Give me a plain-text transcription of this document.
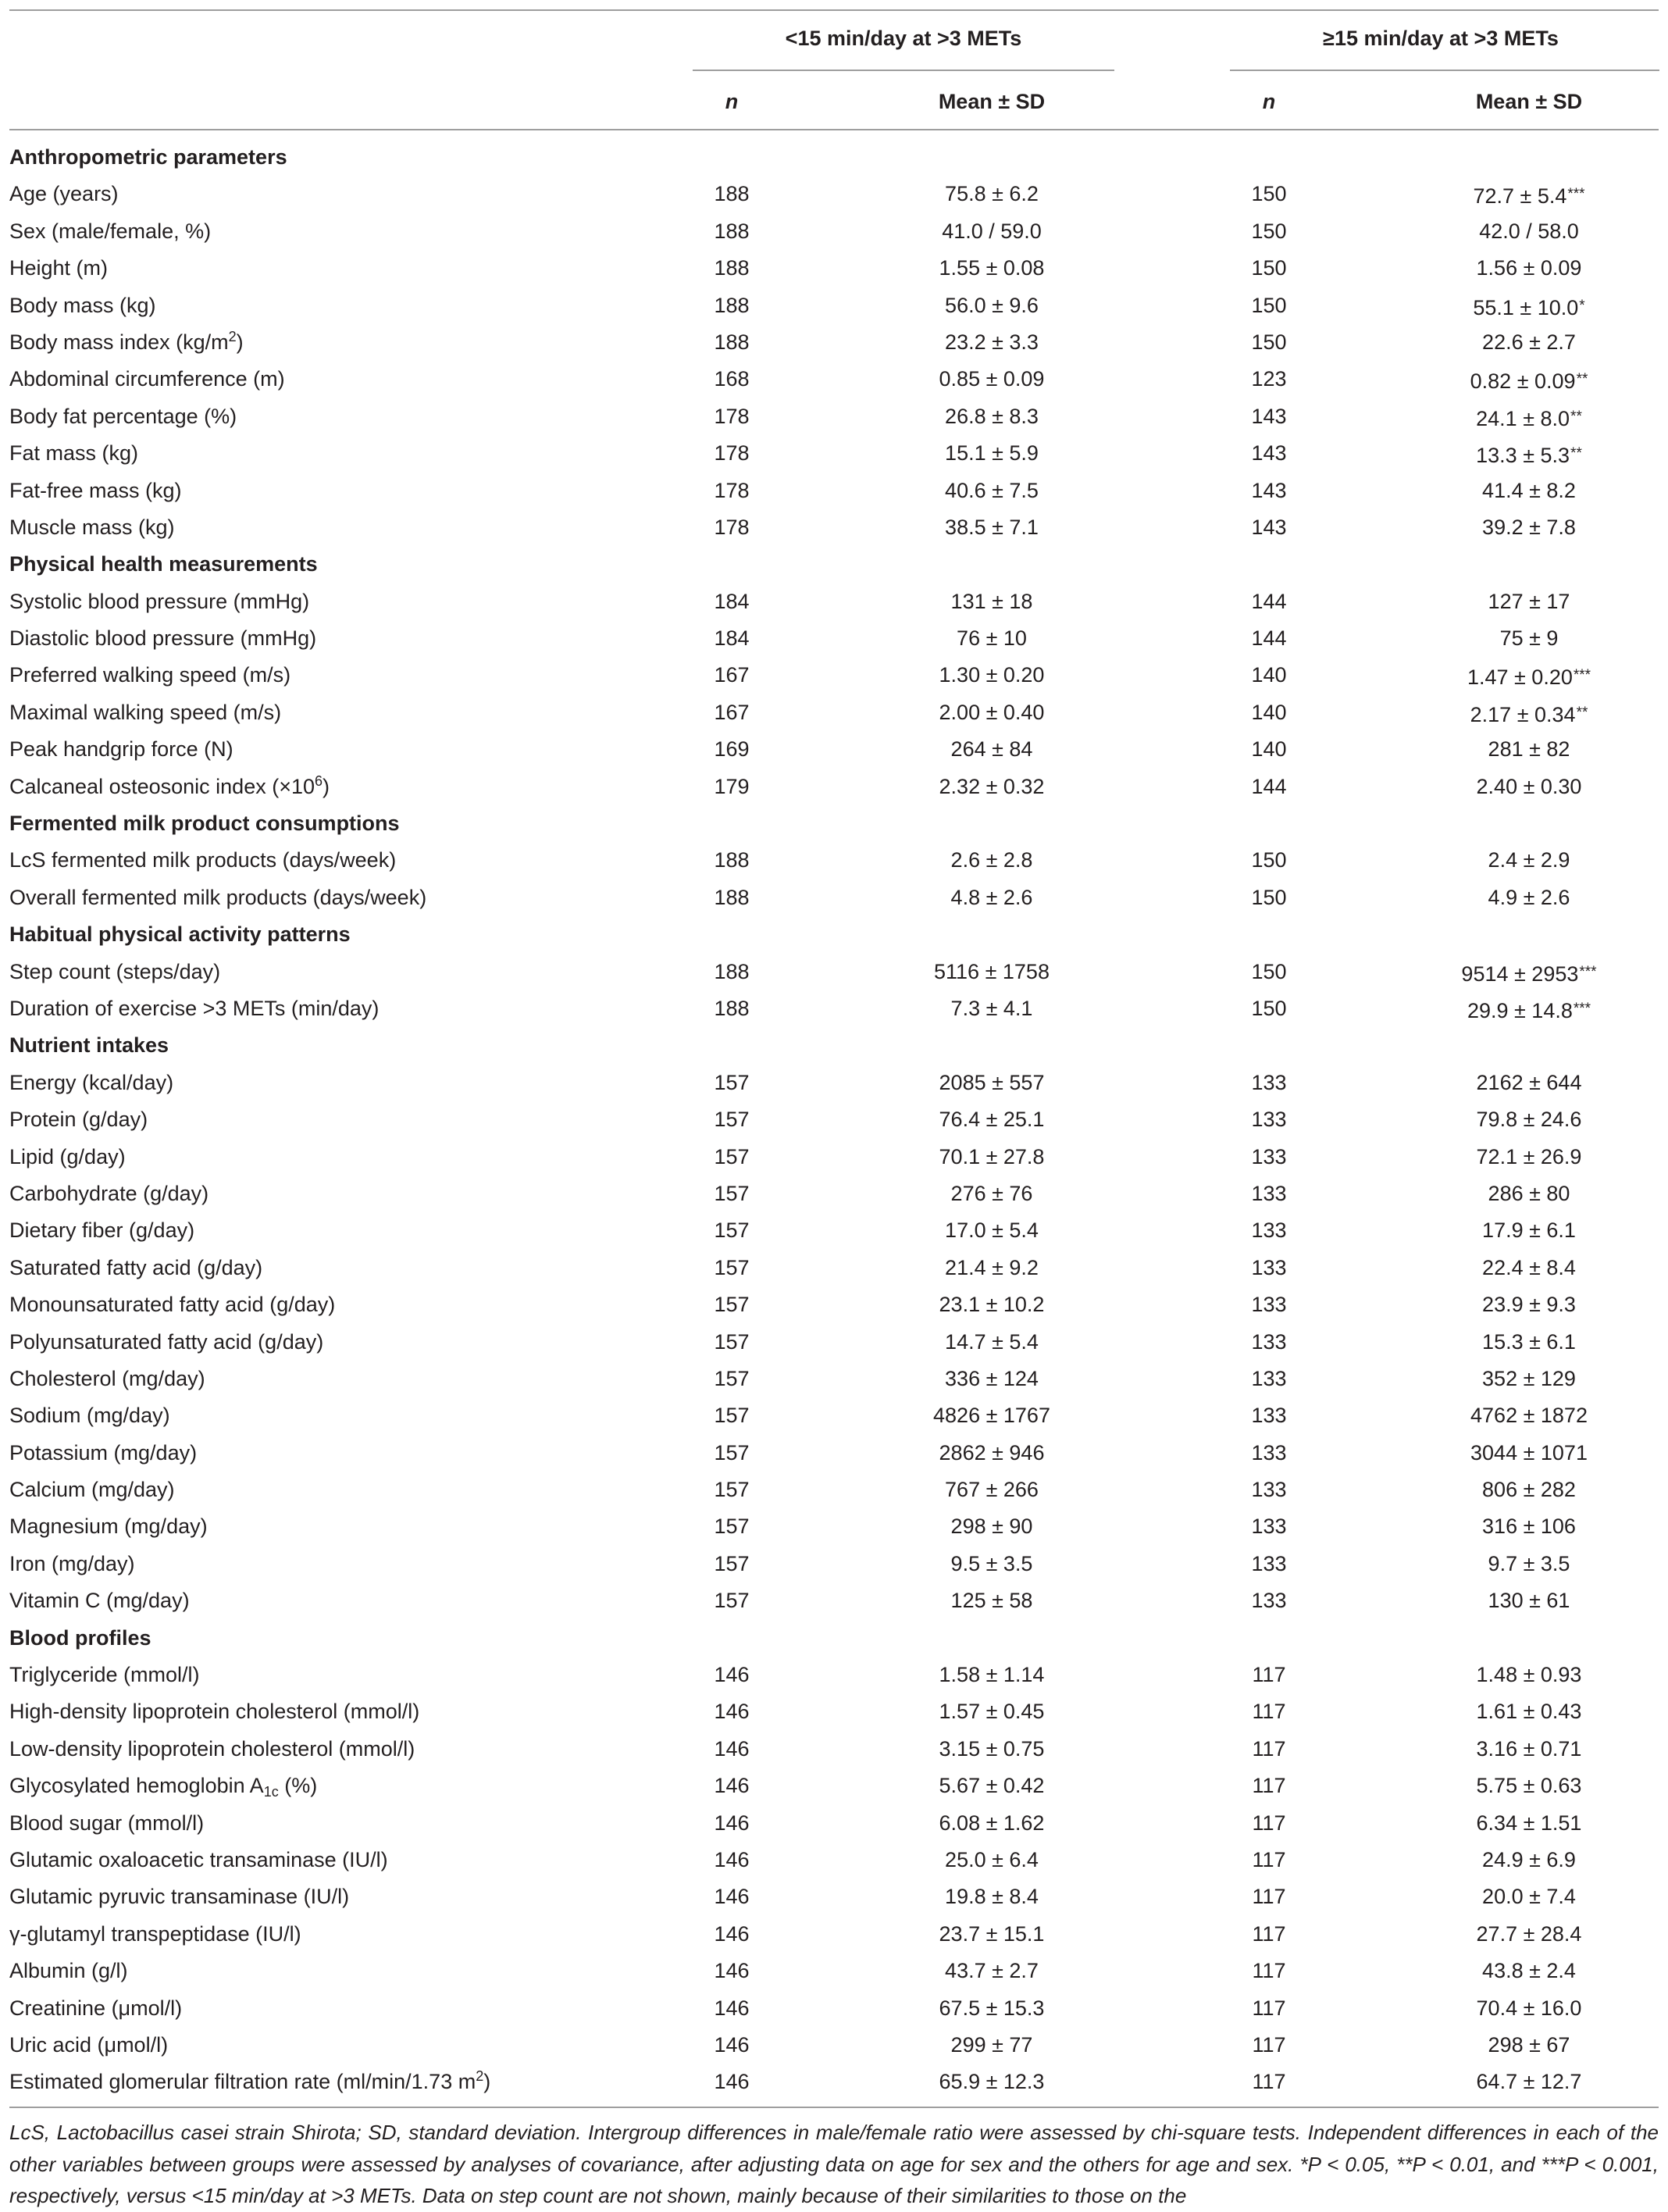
<15 min/day at >3 METs	≥15 min/day at >3 METs
n	Mean ± SD	n	Mean ± SD
Anthropometric parameters
Age (years)	188	75.8 ± 6.2	150	72.7 ± 5.4***
Sex (male/female, %)	188	41.0 / 59.0	150	42.0 / 58.0
Height (m)	188	1.55 ± 0.08	150	1.56 ± 0.09
Body mass (kg)	188	56.0 ± 9.6	150	55.1 ± 10.0*
Body mass index $(kg/m^2)$	188	23.2 ± 3.3	150	22.6 ± 2.7
Abdominal circumference (m)	168	0.85 ± 0.09	123	0.82 ± 0.09**
Body fat percentage (%)	178	26.8 ± 8.3	143	24.1 ± 8.0**
Fat mass (kg)	178	15.1 ± 5.9	143	13.3 ± 5.3**
Fat-free mass (kg)	178	40.6 ± 7.5	143	41.4 ± 8.2
Muscle mass (kg)	178	38.5 ± 7.1	143	39.2 ± 7.8
Physical health measurements
Systolic blood pressure (mmHg)	184	131 ± 18	144	127 ± 17
Diastolic blood pressure (mmHg)	184	76 ± 10	144	75 ± 9
Preferred walking speed (m/s)	167	1.30 ± 0.20	140	1.47 ± 0.20***
Maximal walking speed (m/s)	167	2.00 ± 0.40	140	2.17 ± 0.34**
Peak handgrip force (N)	169	264 ± 84	140	281 ± 82
Calcaneal osteosonic index $(\times 10^6)$	179	2.32 ± 0.32	144	2.40 ± 0.30
Fermented milk product consumptions
LcS fermented milk products (days/week)	188	2.6 ± 2.8	150	2.4 ± 2.9
Overall fermented milk products (days/week)	188	4.8 ± 2.6	150	4.9 ± 2.6
Habitual physical activity patterns
Step count (steps/day)	188	5116 ± 1758	150	9514 ± 2953***
Duration of exercise >3 METs (min/day)	188	7.3 ± 4.1	150	29.9 ± 14.8***
Nutrient intakes
Energy (kcal/day)	157	2085 ± 557	133	2162 ± 644
Protein (g/day)	157	76.4 ± 25.1	133	79.8 ± 24.6
Lipid (g/day)	157	70.1 ± 27.8	133	72.1 ± 26.9
Carbohydrate (g/day)	157	276 ± 76	133	286 ± 80
Dietary fiber (g/day)	157	17.0 ± 5.4	133	17.9 ± 6.1
Saturated fatty acid (g/day)	157	21.4 ± 9.2	133	22.4 ± 8.4
Monounsaturated fatty acid (g/day)	157	23.1 ± 10.2	133	23.9 ± 9.3
Polyunsaturated fatty acid (g/day)	157	14.7 ± 5.4	133	15.3 ± 6.1
Cholesterol (mg/day)	157	336 ± 124	133	352 ± 129
Sodium (mg/day)	157	4826 ± 1767	133	4762 ± 1872
Potassium (mg/day)	157	2862 ± 946	133	3044 ± 1071
Calcium (mg/day)	157	767 ± 266	133	806 ± 282
Magnesium (mg/day)	157	298 ± 90	133	316 ± 106
Iron (mg/day)	157	9.5 ± 3.5	133	9.7 ± 3.5
Vitamin C (mg/day)	157	125 ± 58	133	130 ± 61
Blood profiles
Triglyceride (mmol/l)	146	1.58 ± 1.14	117	1.48 ± 0.93
High-density lipoprotein cholesterol (mmol/l)	146	1.57 ± 0.45	117	1.61 ± 0.43
Low-density lipoprotein cholesterol (mmol/l)	146	3.15 ± 0.75	117	3.16 ± 0.71
Glycosylated hemoglobin $A_{1c}$ (%)	146	5.67 ± 0.42	117	5.75 ± 0.63
Blood sugar (mmol/l)	146	6.08 ± 1.62	117	6.34 ± 1.51
Glutamic oxaloacetic transaminase (IU/l)	146	25.0 ± 6.4	117	24.9 ± 6.9
Glutamic pyruvic transaminase (IU/l)	146	19.8 ± 8.4	117	20.0 ± 7.4
γ-glutamyl transpeptidase (IU/l)	146	23.7 ± 15.1	117	27.7 ± 28.4
Albumin (g/l)	146	43.7 ± 2.7	117	43.8 ± 2.4
Creatinine (μmol/l)	146	67.5 ± 15.3	117	70.4 ± 16.0
Uric acid (μmol/l)	146	299 ± 77	117	298 ± 67
Estimated glomerular filtration rate (ml/min/1.73 $m^2$)	146	65.9 ± 12.3	117	64.7 ± 12.7

LcS, Lactobacillus casei strain Shirota; SD, standard deviation. Intergroup differences in male/female ratio were assessed by chi-square tests. Independent differences in each of the other variables between groups were assessed by analyses of covariance, after adjusting data on age for sex and the others for age and sex. *P < 0.05, **P < 0.01, and ***P < 0.001, respectively, versus <15 min/day at >3 METs. Data on step count are not shown, mainly because of their similarities to those on the
